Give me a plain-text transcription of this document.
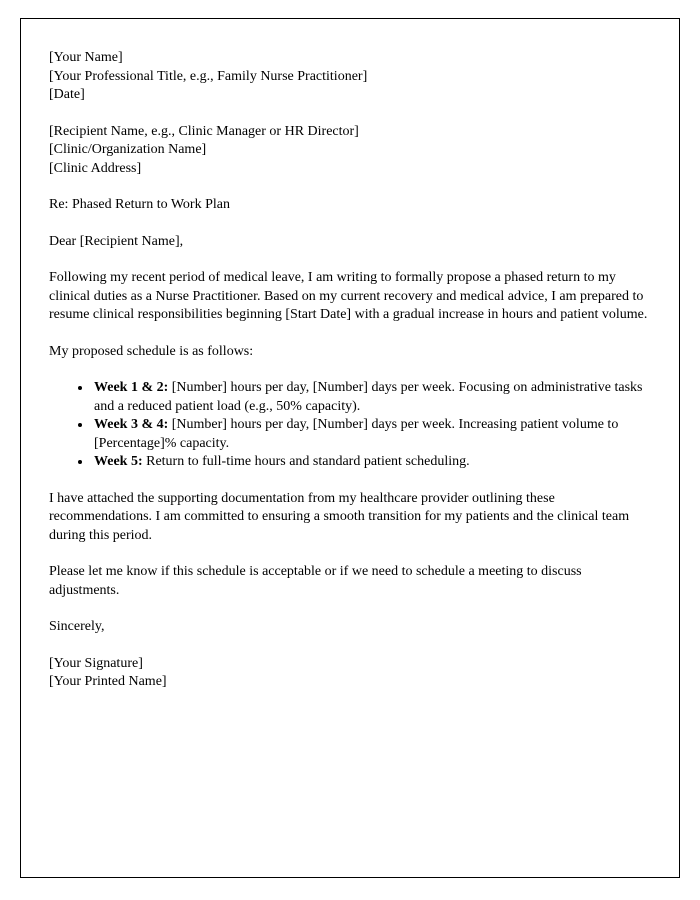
[Your Name]
[Your Professional Title, e.g., Family Nurse Practitioner]
[Date]
[Recipient Name, e.g., Clinic Manager or HR Director]
[Clinic/Organization Name]
[Clinic Address]

Re: Phased Return to Work Plan

Dear [Recipient Name],

Following my recent period of medical leave, I am writing to formally propose a phased return to my clinical duties as a Nurse Practitioner. Based on my current recovery and medical advice, I am prepared to resume clinical responsibilities beginning [Start Date] with a gradual increase in hours and patient volume.

My proposed schedule is as follows:

• Week 1 & 2: [Number] hours per day, [Number] days per week. Focusing on administrative tasks and a reduced patient load (e.g., 50% capacity).
• Week 3 & 4: [Number] hours per day, [Number] days per week. Increasing patient volume to [Percentage]% capacity.
• Week 5: Return to full-time hours and standard patient scheduling.

I have attached the supporting documentation from my healthcare provider outlining these recommendations. I am committed to ensuring a smooth transition for my patients and the clinical team during this period.

Please let me know if this schedule is acceptable or if we need to schedule a meeting to discuss adjustments.

Sincerely,

[Your Signature]
[Your Printed Name]
